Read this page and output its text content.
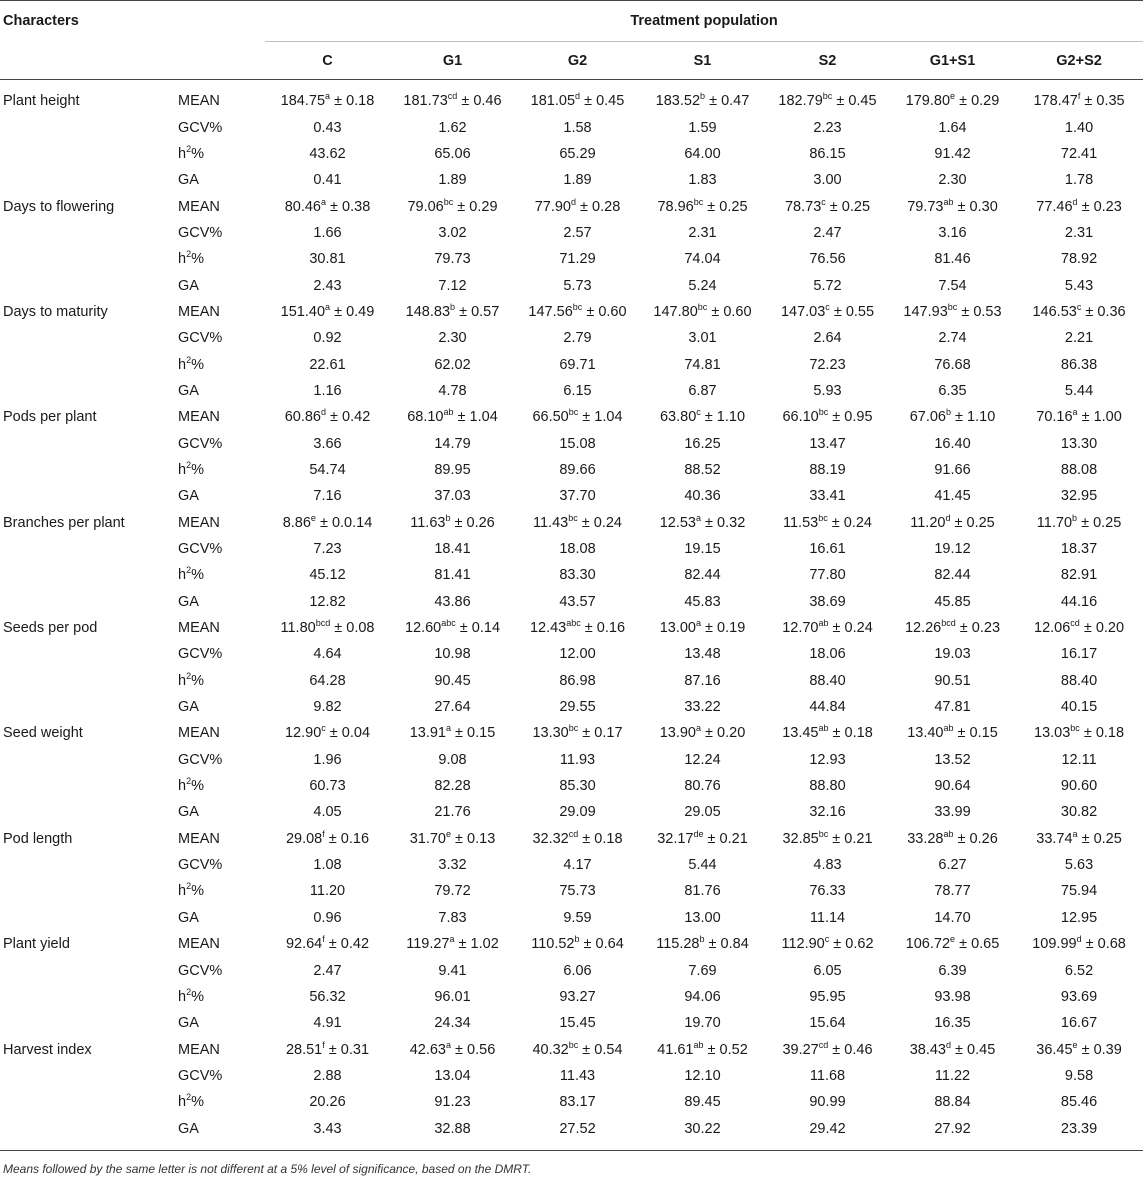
Characters		Treatment population						
		C	G1	G2	S1	S2	G1+S1	G2+S2
Plant height	MEAN	184.75$^a$ ± 0.18	181.73$^{cd}$ ± 0.46	181.05$^d$ ± 0.45	183.52$^b$ ± 0.47	182.79$^{bc}$ ± 0.45	179.80$^e$ ± 0.29	178.47$^f$ ± 0.35
	GCV%	0.43	1.62	1.58	1.59	2.23	1.64	1.40
	$h^2\%$	43.62	65.06	65.29	64.00	86.15	91.42	72.41
	GA	0.41	1.89	1.89	1.83	3.00	2.30	1.78
Days to flowering	MEAN	80.46$^a$ ± 0.38	79.06$^{bc}$ ± 0.29	77.90$^d$ ± 0.28	78.96$^{bc}$ ± 0.25	78.73$^c$ ± 0.25	79.73$^{ab}$ ± 0.30	77.46$^d$ ± 0.23
	GCV%	1.66	3.02	2.57	2.31	2.47	3.16	2.31
	$h^2\%$	30.81	79.73	71.29	74.04	76.56	81.46	78.92
	GA	2.43	7.12	5.73	5.24	5.72	7.54	5.43
Days to maturity	MEAN	151.40$^a$ ± 0.49	148.83$^b$ ± 0.57	147.56$^{bc}$ ± 0.60	147.80$^{bc}$ ± 0.60	147.03$^c$ ± 0.55	147.93$^{bc}$ ± 0.53	146.53$^c$ ± 0.36
	GCV%	0.92	2.30	2.79	3.01	2.64	2.74	2.21
	$h^2\%$	22.61	62.02	69.71	74.81	72.23	76.68	86.38
	GA	1.16	4.78	6.15	6.87	5.93	6.35	5.44
Pods per plant	MEAN	60.86$^d$ ± 0.42	68.10$^{ab}$ ± 1.04	66.50$^{bc}$ ± 1.04	63.80$^c$ ± 1.10	66.10$^{bc}$ ± 0.95	67.06$^b$ ± 1.10	70.16$^a$ ± 1.00
	GCV%	3.66	14.79	15.08	16.25	13.47	16.40	13.30
	$h^2\%$	54.74	89.95	89.66	88.52	88.19	91.66	88.08
	GA	7.16	37.03	37.70	40.36	33.41	41.45	32.95
Branches per plant	MEAN	8.86$^e$ ± 0.0.14	11.63$^b$ ± 0.26	11.43$^{bc}$ ± 0.24	12.53$^a$ ± 0.32	11.53$^{bc}$ ± 0.24	11.20$^d$ ± 0.25	11.70$^b$ ± 0.25
	GCV%	7.23	18.41	18.08	19.15	16.61	19.12	18.37
	$h^2\%$	45.12	81.41	83.30	82.44	77.80	82.44	82.91
	GA	12.82	43.86	43.57	45.83	38.69	45.85	44.16
Seeds per pod	MEAN	11.80$^{bcd}$ ± 0.08	12.60$^{abc}$ ± 0.14	12.43$^{abc}$ ± 0.16	13.00$^a$ ± 0.19	12.70$^{ab}$ ± 0.24	12.26$^{bcd}$ ± 0.23	12.06$^{cd}$ ± 0.20
	GCV%	4.64	10.98	12.00	13.48	18.06	19.03	16.17
	$h^2\%$	64.28	90.45	86.98	87.16	88.40	90.51	88.40
	GA	9.82	27.64	29.55	33.22	44.84	47.81	40.15
Seed weight	MEAN	12.90$^c$ ± 0.04	13.91$^a$ ± 0.15	13.30$^{bc}$ ± 0.17	13.90$^a$ ± 0.20	13.45$^{ab}$ ± 0.18	13.40$^{ab}$ ± 0.15	13.03$^{bc}$ ± 0.18
	GCV%	1.96	9.08	11.93	12.24	12.93	13.52	12.11
	$h^2\%$	60.73	82.28	85.30	80.76	88.80	90.64	90.60
	GA	4.05	21.76	29.09	29.05	32.16	33.99	30.82
Pod length	MEAN	29.08$^f$ ± 0.16	31.70$^e$ ± 0.13	32.32$^{cd}$ ± 0.18	32.17de ± 0.21	32.85$^{bc}$ ± 0.21	33.28$^{ab}$ ± 0.26	33.74$^a$ ± 0.25
	GCV%	1.08	3.32	4.17	5.44	4.83	6.27	5.63
	$h^2\%$	11.20	79.72	75.73	81.76	76.33	78.77	75.94
	GA	0.96	7.83	9.59	13.00	11.14	14.70	12.95
Plant yield	MEAN	92.64$^f$ ± 0.42	119.27$^a$ ± 1.02	110.52$^b$ ± 0.64	115.28$^b$ ± 0.84	112.90$^c$ ± 0.62	106.72$^e$ ± 0.65	109.99$^d$ ± 0.68
	GCV%	2.47	9.41	6.06	7.69	6.05	6.39	6.52
	$h^2\%$	56.32	96.01	93.27	94.06	95.95	93.98	93.69
	GA	4.91	24.34	15.45	19.70	15.64	16.35	16.67
Harvest index	MEAN	28.51$^f$ ± 0.31	42.63$^a$ ± 0.56	40.32$^{bc}$ ± 0.54	41.61$^{ab}$ ± 0.52	39.27$^{cd}$ ± 0.46	38.43$^d$ ± 0.45	36.45$^e$ ± 0.39
	GCV%	2.88	13.04	11.43	12.10	11.68	11.22	9.58
	$h^2\%$	20.26	91.23	83.17	89.45	90.99	88.84	85.46
	GA	3.43	32.88	27.52	30.22	29.42	27.92	23.39
Means followed by the same letter is not different at a 5% level of significance, based on the DMRT.
